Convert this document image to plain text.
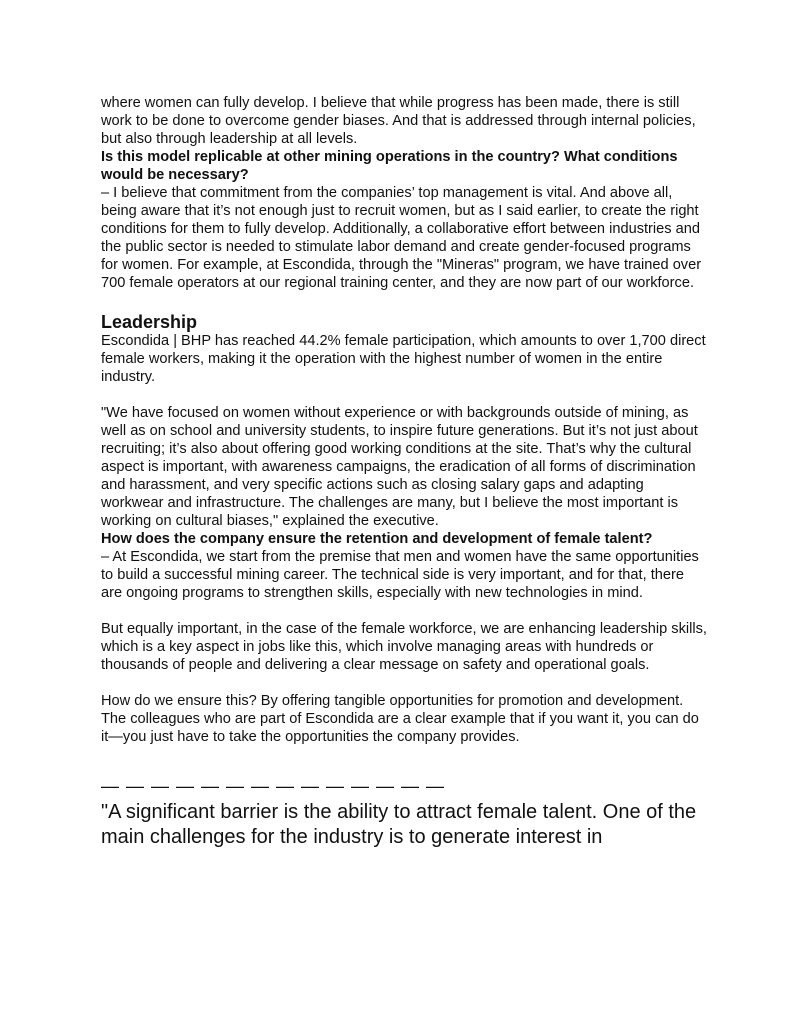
where women can fully develop. I believe that while progress has been made, there is still work to be done to overcome gender biases. And that is addressed through internal policies, but also through leadership at all levels.

Is this model replicable at other mining operations in the country? What conditions would be necessary?

– I believe that commitment from the companies’ top management is vital. And above all, being aware that it’s not enough just to recruit women, but as I said earlier, to create the right conditions for them to fully develop. Additionally, a collaborative effort between industries and the public sector is needed to stimulate labor demand and create gender-focused programs for women. For example, at Escondida, through the "Mineras" program, we have trained over 700 female operators at our regional training center, and they are now part of our workforce.

Leadership

Escondida | BHP has reached 44.2% female participation, which amounts to over 1,700 direct female workers, making it the operation with the highest number of women in the entire industry.

"We have focused on women without experience or with backgrounds outside of mining, as well as on school and university students, to inspire future generations. But it’s not just about recruiting; it’s also about offering good working conditions at the site. That’s why the cultural aspect is important, with awareness campaigns, the eradication of all forms of discrimination and harassment, and very specific actions such as closing salary gaps and adapting workwear and infrastructure. The challenges are many, but I believe the most important is working on cultural biases," explained the executive.

How does the company ensure the retention and development of female talent?

– At Escondida, we start from the premise that men and women have the same opportunities to build a successful mining career. The technical side is very important, and for that, there are ongoing programs to strengthen skills, especially with new technologies in mind.

But equally important, in the case of the female workforce, we are enhancing leadership skills, which is a key aspect in jobs like this, which involve managing areas with hundreds or thousands of people and delivering a clear message on safety and operational goals.

How do we ensure this? By offering tangible opportunities for promotion and development. The colleagues who are part of Escondida are a clear example that if you want it, you can do it—you just have to take the opportunities the company provides.

— — — — — — — — — — — — — —

"A significant barrier is the ability to attract female talent. One of the main challenges for the industry is to generate interest in
